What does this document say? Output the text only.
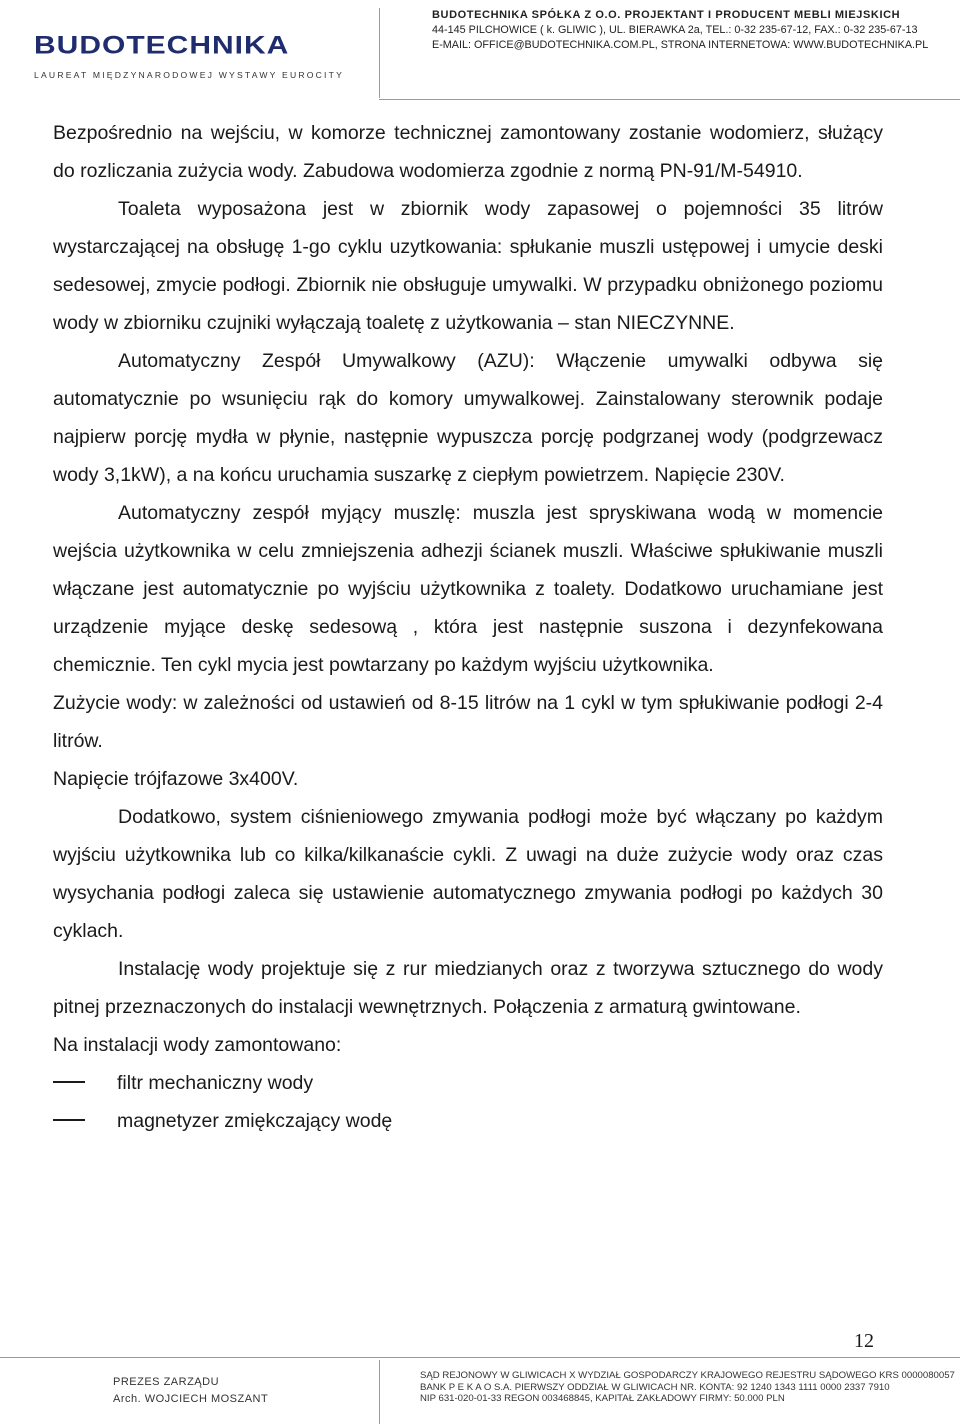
BUDOTECHNIKA
LAUREAT MIĘDZYNARODOWEJ WYSTAWY EUROCITY
BUDOTECHNIKA SPÓŁKA Z O.O. PROJEKTANT I PRODUCENT MEBLI MIEJSKICH
44-145 PILCHOWICE ( k. GLIWIC ), UL. BIERAWKA 2a, TEL.: 0-32 235-67-12, FAX.: 0-32 235-67-13
E-MAIL: OFFICE@BUDOTECHNIKA.COM.PL, STRONA INTERNETOWA: WWW.BUDOTECHNIKA.PL

Bezpośrednio na wejściu, w komorze technicznej zamontowany zostanie wodomierz, służący do rozliczania zużycia wody. Zabudowa wodomierza zgodnie z normą PN-91/M-54910.

Toaleta wyposażona jest w zbiornik wody zapasowej o pojemności 35 litrów wystarczającej na obsługę 1-go cyklu uzytkowania: spłukanie muszli ustępowej i umycie deski sedesowej, zmycie podłogi. Zbiornik nie obsługuje umywalki. W przypadku obniżonego poziomu wody w zbiorniku czujniki wyłączają toaletę z użytkowania – stan NIECZYNNE.

Automatyczny Zespół Umywalkowy (AZU): Włączenie umywalki odbywa się automatycznie po wsunięciu rąk do komory umywalkowej. Zainstalowany sterownik podaje najpierw porcję mydła w płynie, następnie wypuszcza porcję podgrzanej wody (podgrzewacz wody 3,1kW), a na końcu uruchamia suszarkę z ciepłym powietrzem. Napięcie 230V.

Automatyczny zespół myjący muszlę: muszla jest spryskiwana wodą w momencie wejścia użytkownika w celu zmniejszenia adhezji ścianek muszli. Właściwe spłukiwanie muszli włączane jest automatycznie po wyjściu użytkownika z toalety. Dodatkowo uruchamiane jest urządzenie myjące deskę sedesową , która jest następnie suszona i dezynfekowana chemicznie. Ten cykl mycia jest powtarzany po każdym wyjściu użytkownika.

Zużycie wody: w zależności od ustawień od 8-15 litrów na 1 cykl w tym spłukiwanie podłogi 2-4 litrów.

Napięcie trójfazowe 3x400V.

Dodatkowo, system ciśnieniowego zmywania podłogi może być włączany po każdym wyjściu użytkownika lub co kilka/kilkanaście cykli. Z uwagi na duże zużycie wody oraz czas wysychania podłogi zaleca się ustawienie automatycznego zmywania podłogi po każdych 30 cyklach.

Instalację wody projektuje się z rur miedzianych oraz z tworzywa sztucznego do wody pitnej przeznaczonych do instalacji wewnętrznych. Połączenia z armaturą gwintowane.

Na instalacji wody zamontowano:

filtr mechaniczny wody
magnetyzer zmiękczający wodę
12
PREZES ZARZĄDU
Arch. WOJCIECH MOSZANT
SĄD REJONOWY W GLIWICACH X WYDZIAŁ GOSPODARCZY KRAJOWEGO REJESTRU SĄDOWEGO KRS 0000080057
BANK P E K A O S.A. PIERWSZY ODDZIAŁ W GLIWICACH NR. KONTA: 92 1240 1343 1111 0000 2337 7910
NIP 631-020-01-33 REGON 003468845, KAPITAŁ ZAKŁADOWY FIRMY: 50.000 PLN
